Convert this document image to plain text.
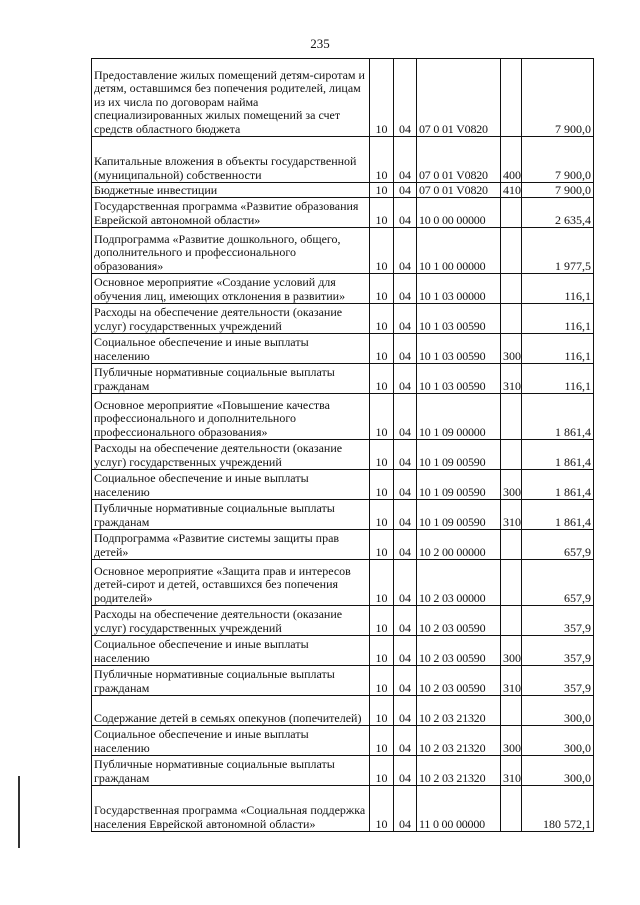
235
Предоставление жилых помещений детям-сиротам и детям, оставшимся без попечения родителей, лицам из их числа по договорам найма специализированных жилых помещений за счет средств областного бюджета	10	04	07 0 01 V0820		7 900,0
Капитальные вложения в объекты государственной (муниципальной) собственности	10	04	07 0 01 V0820	400	7 900,0
Бюджетные инвестиции	10	04	07 0 01 V0820	410	7 900,0
Государственная программа «Развитие образования Еврейской автономной области»	10	04	10 0 00 00000		2 635,4
Подпрограмма «Развитие дошкольного, общего, дополнительного и профессионального образования»	10	04	10 1 00 00000		1 977,5
Основное мероприятие «Создание условий для обучения лиц, имеющих отклонения в развитии»	10	04	10 1 03 00000		116,1
Расходы на обеспечение деятельности (оказание услуг) государственных учреждений	10	04	10 1 03 00590		116,1
Социальное обеспечение и иные выплаты населению	10	04	10 1 03 00590	300	116,1
Публичные нормативные социальные выплаты гражданам	10	04	10 1 03 00590	310	116,1
Основное мероприятие «Повышение качества профессионального и дополнительного профессионального образования»	10	04	10 1 09 00000		1 861,4
Расходы на обеспечение деятельности (оказание услуг) государственных учреждений	10	04	10 1 09 00590		1 861,4
Социальное обеспечение и иные выплаты населению	10	04	10 1 09 00590	300	1 861,4
Публичные нормативные социальные выплаты гражданам	10	04	10 1 09 00590	310	1 861,4
Подпрограмма «Развитие системы защиты прав детей»	10	04	10 2 00 00000		657,9
Основное мероприятие «Защита прав и интересов детей-сирот и детей, оставшихся без попечения родителей»	10	04	10 2 03 00000		657,9
Расходы на обеспечение деятельности (оказание услуг) государственных учреждений	10	04	10 2 03 00590		357,9
Социальное обеспечение и иные выплаты населению	10	04	10 2 03 00590	300	357,9
Публичные нормативные социальные выплаты гражданам	10	04	10 2 03 00590	310	357,9
Содержание детей в семьях опекунов (попечителей)	10	04	10 2 03 21320		300,0
Социальное обеспечение и иные выплаты населению	10	04	10 2 03 21320	300	300,0
Публичные нормативные социальные выплаты гражданам	10	04	10 2 03 21320	310	300,0
Государственная программа «Социальная поддержка населения Еврейской автономной области»	10	04	11 0 00 00000		180 572,1
